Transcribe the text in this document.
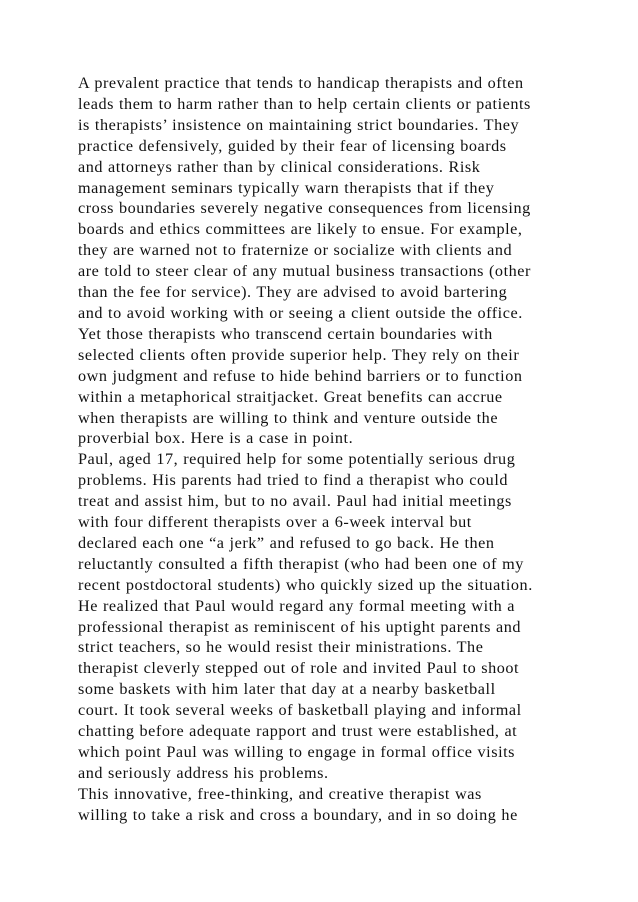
A prevalent practice that tends to handicap therapists and often
leads them to harm rather than to help certain clients or patients
is therapists’ insistence on maintaining strict boundaries. They
practice defensively, guided by their fear of licensing boards
and attorneys rather than by clinical considerations. Risk
management seminars typically warn therapists that if they
cross boundaries severely negative consequences from licensing
boards and ethics committees are likely to ensue. For example,
they are warned not to fraternize or socialize with clients and
are told to steer clear of any mutual business transactions (other
than the fee for service). They are advised to avoid bartering
and to avoid working with or seeing a client outside the office.
Yet those therapists who transcend certain boundaries with
selected clients often provide superior help. They rely on their
own judgment and refuse to hide behind barriers or to function
within a metaphorical straitjacket. Great benefits can accrue
when therapists are willing to think and venture outside the
proverbial box. Here is a case in point.
Paul, aged 17, required help for some potentially serious drug
problems. His parents had tried to find a therapist who could
treat and assist him, but to no avail. Paul had initial meetings
with four different therapists over a 6-week interval but
declared each one “a jerk” and refused to go back. He then
reluctantly consulted a fifth therapist (who had been one of my
recent postdoctoral students) who quickly sized up the situation.
He realized that Paul would regard any formal meeting with a
professional therapist as reminiscent of his uptight parents and
strict teachers, so he would resist their ministrations. The
therapist cleverly stepped out of role and invited Paul to shoot
some baskets with him later that day at a nearby basketball
court. It took several weeks of basketball playing and informal
chatting before adequate rapport and trust were established, at
which point Paul was willing to engage in formal office visits
and seriously address his problems.
This innovative, free-thinking, and creative therapist was
willing to take a risk and cross a boundary, and in so doing he
